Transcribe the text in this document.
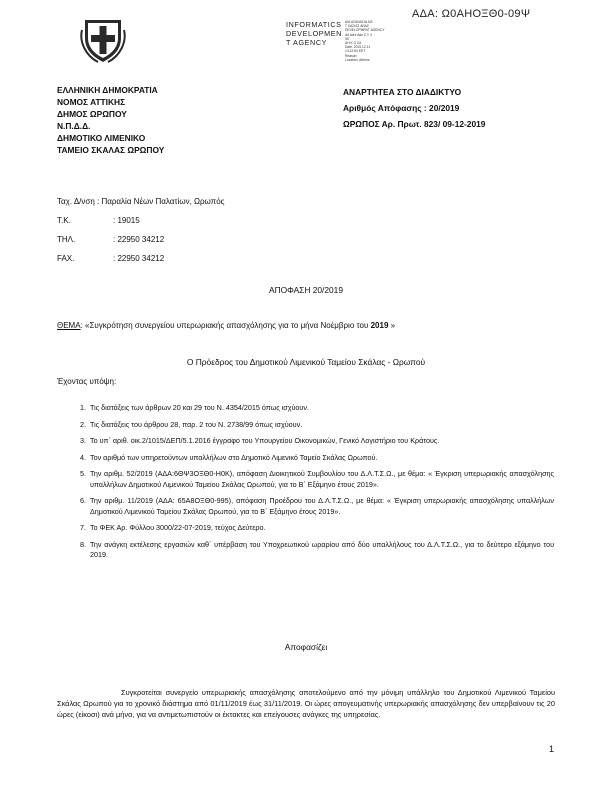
ΑΔΑ: Ω0ΑΗΟΞΘ0-09Ψ
INFORMATICS
DEVELOPMEN
T AGENCY
ΑΙΑ ΑΣΑΝΑΣΙΑ ΑΙΣ
Τ ΧΑΣΙΑΣ ΑΝΑΣ
DEVELOPMENT AGENCY
Ad Avre Adn Σ Υ 4
SE
AH Κ Ο ΣΑ
Date: 2019.12.11
14:12:54 EET
Reason:
Location: Athens
ΕΛΛΗΝΙΚΗ ΔΗΜΟΚΡΑΤΙΑ
ΝΟΜΟΣ ΑΤΤΙΚΗΣ
ΔΗΜΟΣ ΩΡΩΠΟΥ
Ν.Π.Δ.Δ.
ΔΗΜΟΤΙΚΟ ΛΙΜΕΝΙΚΟ
ΤΑΜΕΙΟ ΣΚΑΛΑΣ ΩΡΩΠΟΥ
ΑΝΑΡΤΗΤΕΑ ΣΤΟ ΔΙΑΔΙΚΤΥΟ
Αριθμός Απόφασης : 20/2019
ΩΡΩΠΟΣ Αρ. Πρωτ. 823/ 09-12-2019
Ταχ. Δ/νση : Παραλία Νέων Παλατίων, Ωρωπός
Τ.Κ.	: 19015
ΤΗΛ.	: 22950 34212
FAX.	: 22950 34212
ΑΠΟΦΑΣΗ 20/2019
ΘΕΜΑ: «Συγκρότηση συνεργείου υπερωριακής απασχόλησης για το μήνα Νοέμβριο του 2019 »
Ο Πρόεδρος του Δημοτικού Λιμενικού Ταμείου Σκάλας - Ωρωπού
Έχοντας υπόψη:
1. Τις διατάξεις των άρθρων 20 και 29 του Ν. 4354/2015 όπως ισχύουν.
2. Τις διατάξεις του άρθρου 28, παρ. 2 του Ν. 2738/99 όπως ισχύουν.
3. Το υπ΄ αριθ. οικ.2/1015/ΔΕΠ/5.1.2016 έγγραφο του Υπουργείου Οικονομικών, Γενικό Λογιστήριο του Κράτους.
4. Τον αριθμό των υπηρετούντων υπαλλήλων στο Δημοτικό Λιμενικό Ταμείο Σκάλας Ωρωπού.
5. Την αριθμ. 52/2019 (ΑΔΑ:6ΘΨ3ΟΞΘ0-Η0Κ), απόφαση Διοικητικού Συμβουλίου του Δ.Λ.Τ.Σ.Ω., με θέμα: « Έγκριση υπερωριακής απασχόλησης υπαλλήλων Δημοτικού Λιμενικού Ταμείου Σκάλας Ωρωπού, για το Β΄ Εξάμηνο έτους 2019».
6. Την αριθμ. 11/2019 (ΑΔΑ: 65Α8ΟΞΘ0-995), απόφαση Προέδρου του Δ.Λ.Τ.Σ.Ω., με θέμα: « Έγκριση υπερωριακής απασχόλησης υπαλλήλων Δημοτικού Λιμενικού Ταμείου Σκάλας Ωρωπού, για το Β΄ Εξάμηνο έτους 2019».
7. Το ΦΕΚ Αρ. Φύλλου 3000/22-07-2019, τεύχος Δεύτερο.
8. Την ανάγκη εκτέλεσης εργασιών καθ΄ υπέρβαση του Υποχρεωτικού ωραρίου από δύο υπαλλήλους του Δ.Λ.Τ.Σ.Ω., για το δεύτερο εξάμηνο του 2019.
Αποφασίζει
Συγκροτείται συνεργείο υπερωριακής απασχόλησης αποτελούμενο από την μόνιμη υπάλληλο του Δημοτικού Λιμενικού Ταμείου Σκάλας Ωρωπού για το χρονικό διάστημα από 01/11/2019 έως 31/11/2019. Οι ώρες απογευματινής υπερωριακής απασχόλησης δεν υπερβαίνουν τις 20 ώρες (είκοσι) ανά μήνα, για να αντιμετωπιστούν οι έκτακτες και επείγουσες ανάγκες της υπηρεσίας.
1
